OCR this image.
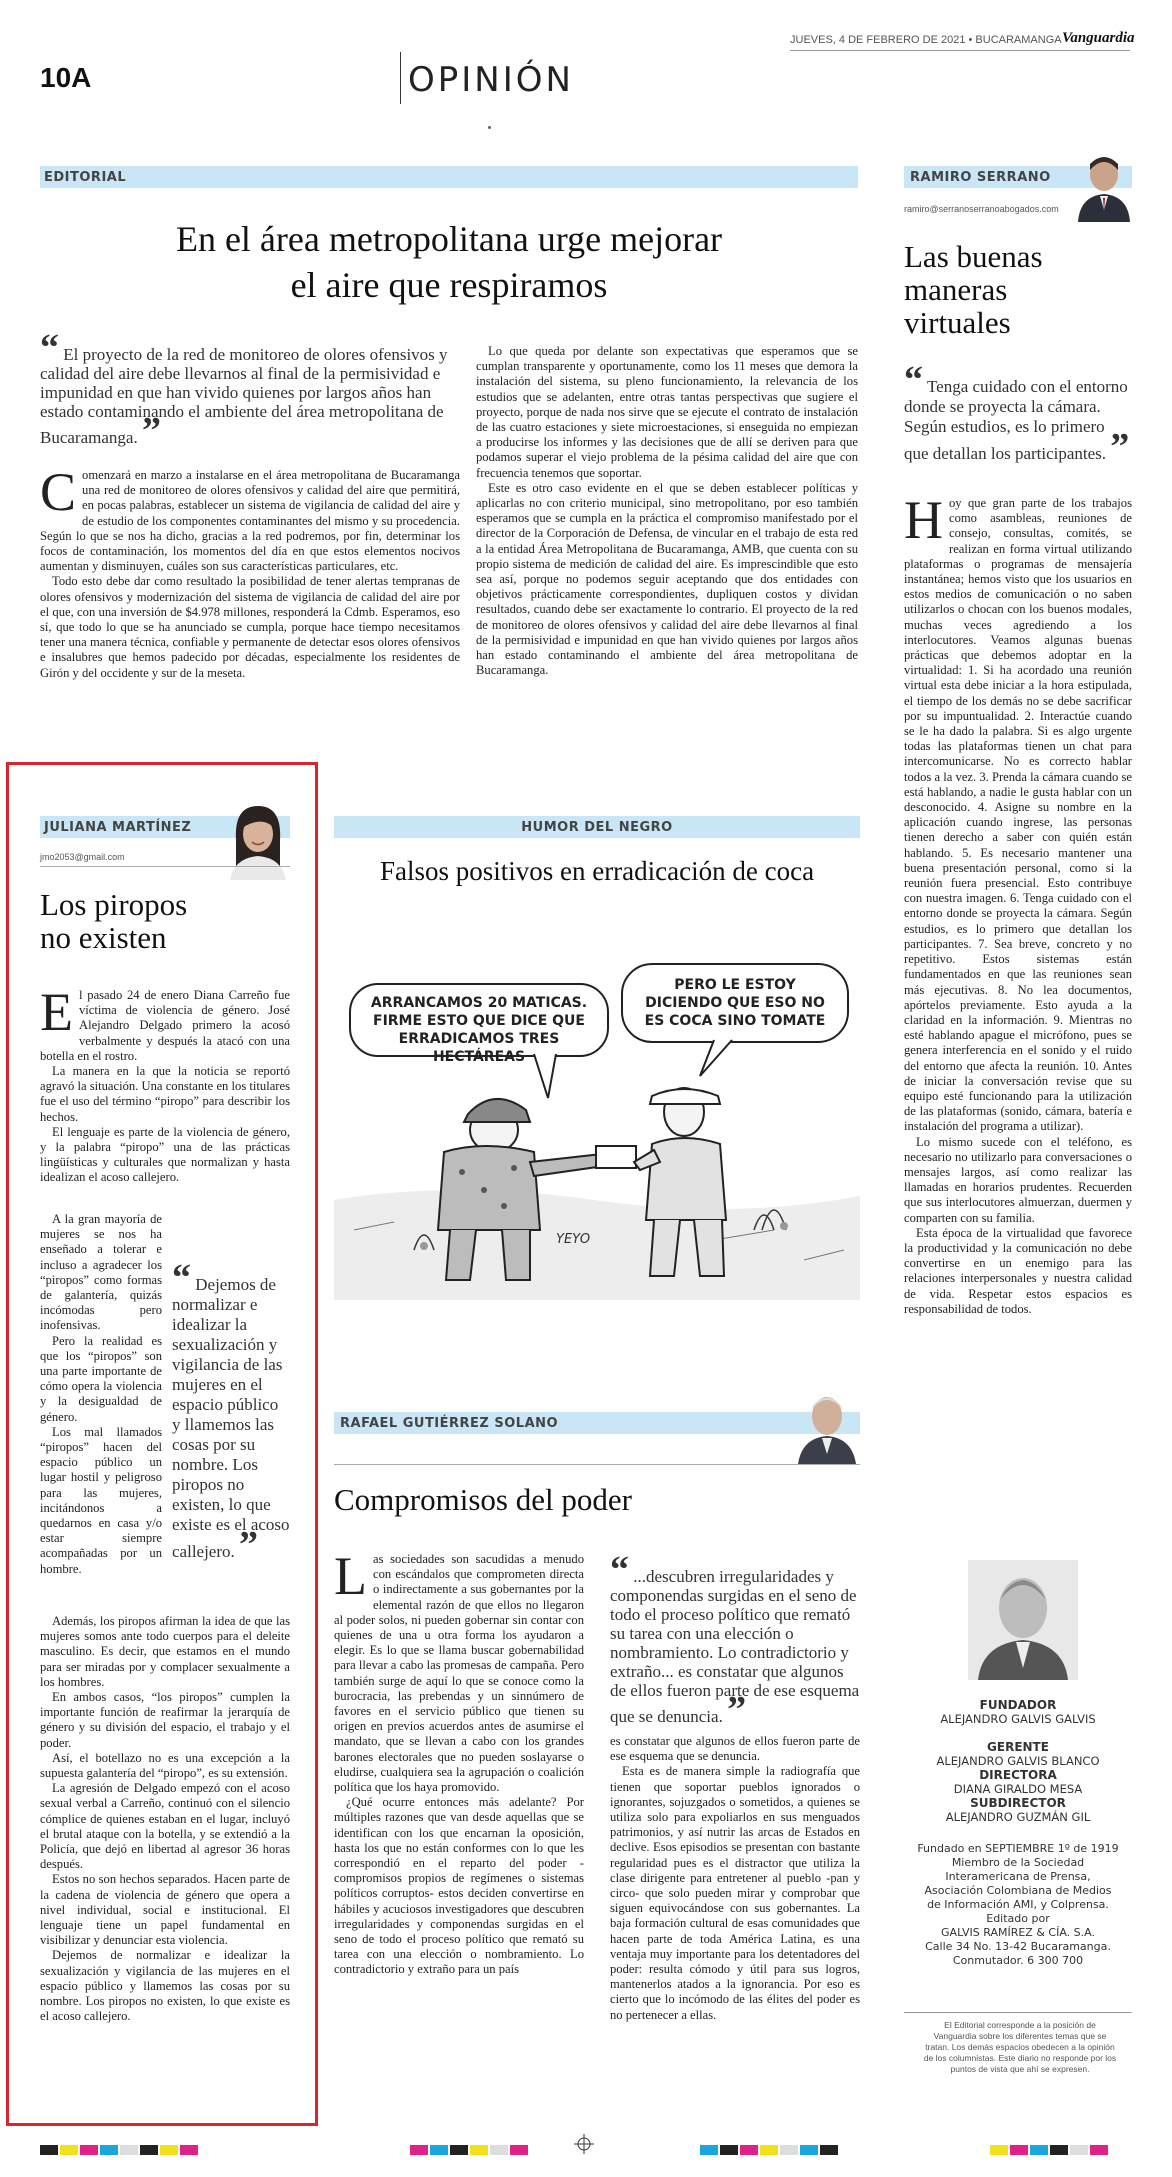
JUEVES, 4 DE FEBRERO DE 2021 • BUCARAMANGA Vanguardia
10A	OPINIÓN
EDITORIAL
En el área metropolitana urge mejorar
el aire que respiramos
“ El proyecto de la red de monitoreo de olores ofensivos y calidad del aire debe llevarnos al final de la permisividad e impunidad en que han vivido quienes por largos años han estado contaminando el ambiente del área metropolitana de Bucaramanga. ”

Comenzará en marzo a instalarse en el área metropolitana de Bucaramanga una red de monitoreo de olores ofensivos y calidad del aire que permitirá, en pocas palabras, establecer un sistema de vigilancia de calidad del aire y de estudio de los componentes contaminantes del mismo y su procedencia. Según lo que se nos ha dicho, gracias a la red podremos, por fin, determinar los focos de contaminación, los momentos del día en que estos elementos nocivos aumentan y disminuyen, cuáles son sus características particulares, etc.

Todo esto debe dar como resultado la posibilidad de tener alertas tempranas de olores ofensivos y modernización del sistema de vigilancia de calidad del aire por el que, con una inversión de $4.978 millones, responderá la Cdmb. Esperamos, eso sí, que todo lo que se ha anunciado se cumpla, porque hace tiempo necesitamos tener una manera técnica, confiable y permanente de detectar esos olores ofensivos e insalubres que hemos padecido por décadas, especialmente los residentes de Girón y del occidente y sur de la meseta.

Lo que queda por delante son expectativas que esperamos que se cumplan transparente y oportunamente, como los 11 meses que demora la instalación del sistema, su pleno funcionamiento, la relevancia de los estudios que se adelanten, entre otras tantas perspectivas que sugiere el proyecto, porque de nada nos sirve que se ejecute el contrato de instalación de las cuatro estaciones y siete microestaciones, si enseguida no empiezan a producirse los informes y las decisiones que de allí se deriven para que podamos superar el viejo problema de la pésima calidad del aire que con frecuencia tenemos que soportar.

Este es otro caso evidente en el que se deben establecer políticas y aplicarlas no con criterio municipal, sino metropolitano, por eso también esperamos que se cumpla en la práctica el compromiso manifestado por el director de la Corporación de Defensa, de vincular en el trabajo de esta red a la entidad Área Metropolitana de Bucaramanga, AMB, que cuenta con su propio sistema de medición de calidad del aire. Es imprescindible que esto sea así, porque no podemos seguir aceptando que dos entidades con objetivos prácticamente correspondientes, dupliquen costos y dividan resultados, cuando debe ser exactamente lo contrario. El proyecto de la red de monitoreo de olores ofensivos y calidad del aire debe llevarnos al final de la permisividad e impunidad en que han vivido quienes por largos años han estado contaminando el ambiente del área metropolitana de Bucaramanga.

RAMIRO SERRANO
ramiro@serranoserranoabogados.com
Las buenas
maneras
virtuales
“ Tenga cuidado con el entorno donde se proyecta la cámara. Según estudios, es lo primero que detallan los participantes. ”

Hoy que gran parte de los trabajos como asambleas, reuniones de consejo, consultas, comités, se realizan en forma virtual utilizando plataformas o programas de mensajería instantánea; hemos visto que los usuarios en estos medios de comunicación o no saben utilizarlos o chocan con los buenos modales, muchas veces agrediendo a los interlocutores. Veamos algunas buenas prácticas que debemos adoptar en la virtualidad: 1. Si ha acordado una reunión virtual esta debe iniciar a la hora estipulada, el tiempo de los demás no se debe sacrificar por su impuntualidad. 2. Interactúe cuando se le ha dado la palabra. Si es algo urgente todas las plataformas tienen un chat para intercomunicarse. No es correcto hablar todos a la vez. 3. Prenda la cámara cuando se está hablando, a nadie le gusta hablar con un desconocido. 4. Asigne su nombre en la aplicación cuando ingrese, las personas tienen derecho a saber con quién están hablando. 5. Es necesario mantener una buena presentación personal, como si la reunión fuera presencial. Esto contribuye con nuestra imagen. 6. Tenga cuidado con el entorno donde se proyecta la cámara. Según estudios, es lo primero que detallan los participantes. 7. Sea breve, concreto y no repetitivo. Estos sistemas están fundamentados en que las reuniones sean más ejecutivas. 8. No lea documentos, apórtelos previamente. Esto ayuda a la claridad en la información. 9. Mientras no esté hablando apague el micrófono, pues se genera interferencia en el sonido y el ruido del entorno que afecta la reunión. 10. Antes de iniciar la conversación revise que su equipo esté funcionando para la utilización de las plataformas (sonido, cámara, batería e instalación del programa a utilizar).

Lo mismo sucede con el teléfono, es necesario no utilizarlo para conversaciones o mensajes largos, así como realizar las llamadas en horarios prudentes. Recuerden que sus interlocutores almuerzan, duermen y comparten con su familia.

Esta época de la virtualidad que favorece la productividad y la comunicación no debe convertirse en un enemigo para las relaciones interpersonales y nuestra calidad de vida. Respetar estos espacios es responsabilidad de todos.

FUNDADOR
ALEJANDRO GALVIS GALVIS
GERENTE
ALEJANDRO GALVIS BLANCO
DIRECTORA
DIANA GIRALDO MESA
SUBDIRECTOR
ALEJANDRO GUZMÁN GIL
Fundado en SEPTIEMBRE 1º de 1919
Miembro de la Sociedad
Interamericana de Prensa,
Asociación Colombiana de Medios
de Información AMI, y Colprensa.
Editado por
GALVIS RAMÍREZ & CÍA. S.A.
Calle 34 No. 13-42 Bucaramanga.
Conmutador. 6 300 700
El Editorial corresponde a la posición de Vanguardia sobre los diferentes temas que se tratan. Los demás espacios obedecen a la opinión de los columnistas. Este diario no responde por los puntos de vista que ahí se expresen.
JULIANA MARTÍNEZ
jmo2053@gmail.com
Los piropos
no existen

El pasado 24 de enero Diana Carreño fue víctima de violencia de género. José Alejandro Delgado primero la acosó verbalmente y después la atacó con una botella en el rostro.

La manera en la que la noticia se reportó agravó la situación. Una constante en los titulares fue el uso del término “piropo” para describir los hechos.

El lenguaje es parte de la violencia de género, y la palabra “piropo” una de las prácticas lingüísticas y culturales que normalizan y hasta idealizan el acoso callejero.

A la gran mayoría de mujeres se nos ha enseñado a tolerar e incluso a agradecer los “piropos” como formas de galantería, quizás incómodas pero inofensivas.

Pero la realidad es que los “piropos” son una parte importante de cómo opera la violencia y la desigualdad de género.

Los mal llamados “piropos” hacen del espacio público un lugar hostil y peligroso para las mujeres, incitándonos a quedarnos en casa y/o estar siempre acompañadas por un hombre.

“ Dejemos de normalizar e idealizar la sexualización y vigilancia de las mujeres en el espacio público y llamemos las cosas por su nombre. Los piropos no existen, lo que existe es el acoso callejero. ”

Además, los piropos afirman la idea de que las mujeres somos ante todo cuerpos para el deleite masculino. Es decir, que estamos en el mundo para ser miradas por y complacer sexualmente a los hombres.

En ambos casos, “los piropos” cumplen la importante función de reafirmar la jerarquía de género y su división del espacio, el trabajo y el poder.

Así, el botellazo no es una excepción a la supuesta galantería del “piropo”, es su extensión.

La agresión de Delgado empezó con el acoso sexual verbal a Carreño, continuó con el silencio cómplice de quienes estaban en el lugar, incluyó el brutal ataque con la botella, y se extendió a la Policía, que dejó en libertad al agresor 36 horas después.

Estos no son hechos separados. Hacen parte de la cadena de violencia de género que opera a nivel individual, social e institucional. El lenguaje tiene un papel fundamental en visibilizar y denunciar esta violencia.

Dejemos de normalizar e idealizar la sexualización y vigilancia de las mujeres en el espacio público y llamemos las cosas por su nombre. Los piropos no existen, lo que existe es el acoso callejero.

HUMOR DEL NEGRO
Falsos positivos en erradicación de coca
ARRANCAMOS 20 MATICAS. FIRME ESTO QUE DICE QUE ERRADICAMOS TRES HECTÁREAS
PERO LE ESTOY DICIENDO QUE ESO NO ES COCA SINO TOMATE
YEYO
RAFAEL GUTIÉRREZ SOLANO
Compromisos del poder

Las sociedades son sacudidas a menudo con escándalos que comprometen directa o indirectamente a sus gobernantes por la elemental razón de que ellos no llegaron al poder solos, ni pueden gobernar sin contar con quienes de una u otra forma los ayudaron a elegir. Es lo que se llama buscar gobernabilidad para llevar a cabo las promesas de campaña. Pero también surge de aquí lo que se conoce como la burocracia, las prebendas y un sinnúmero de favores en el servicio público que tienen su origen en previos acuerdos antes de asumirse el mandato, que se llevan a cabo con los grandes barones electorales que no pueden soslayarse o eludirse, cualquiera sea la agrupación o coalición política que los haya promovido.

¿Qué ocurre entonces más adelante? Por múltiples razones que van desde aquellas que se identifican con los que encarnan la oposición, hasta los que no están conformes con lo que les correspondió en el reparto del poder -compromisos propios de regímenes o sistemas políticos corruptos- estos deciden convertirse en hábiles y acuciosos investigadores que descubren irregularidades y componendas surgidas en el seno de todo el proceso político que remató su tarea con una elección o nombramiento. Lo contradictorio y extraño para un país

“ ...descubren irregularidades y componendas surgidas en el seno de todo el proceso político que remató su tarea con una elección o nombramiento. Lo contradictorio y extraño... es constatar que algunos de ellos fueron parte de ese esquema que se denuncia. ”

es constatar que algunos de ellos fueron parte de ese esquema que se denuncia.

Esta es de manera simple la radiografía que tienen que soportar pueblos ignorados o ignorantes, sojuzgados o sometidos, a quienes se utiliza solo para expoliarlos en sus menguados patrimonios, y así nutrir las arcas de Estados en declive. Esos episodios se presentan con bastante regularidad pues es el distractor que utiliza la clase dirigente para entretener al pueblo -pan y circo- que solo pueden mirar y comprobar que siguen equivocándose con sus gobernantes. La baja formación cultural de esas comunidades que hacen parte de toda América Latina, es una ventaja muy importante para los detentadores del poder: resulta cómodo y útil para sus logros, mantenerlos atados a la ignorancia. Por eso es cierto que lo incómodo de las élites del poder es no pertenecer a ellas.
